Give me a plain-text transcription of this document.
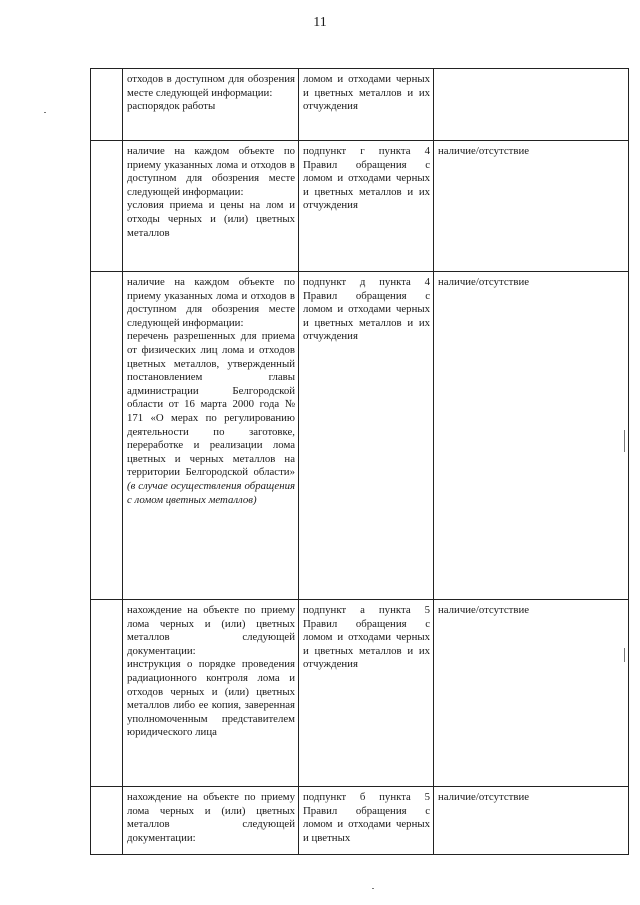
11
	отходов в доступном для обозрения месте следующей информации:
распорядок работы	ломом и отходами черных и цветных металлов и их отчуждения	
	наличие на каждом объекте по приему указанных лома и отходов в доступном для обозрения месте следующей информации:
условия приема и цены на лом и отходы черных и (или) цветных металлов	подпункт г пункта 4 Правил обращения с ломом и отходами черных и цветных металлов и их отчуждения	наличие/отсутствие
	наличие на каждом объекте по приему указанных лома и отходов в доступном для обозрения месте следующей информации:
перечень разрешенных для приема от физических лиц лома и отходов цветных металлов, утвержденный постановлением главы администрации Белгородской области от 16 марта 2000 года № 171 «О мерах по регулированию деятельности по заготовке, переработке и реализации лома цветных и черных металлов на территории Белгородской области» (в случае осуществления обращения с ломом цветных металлов)	подпункт д пункта 4 Правил обращения с ломом и отходами черных и цветных металлов и их отчуждения	наличие/отсутствие
	нахождение на объекте по приему лома черных и (или) цветных металлов следующей документации:
инструкция о порядке проведения радиационного контроля лома и отходов черных и (или) цветных металлов либо ее копия, заверенная уполномоченным представителем юридического лица	подпункт а пункта 5 Правил обращения с ломом и отходами черных и цветных металлов и их отчуждения	наличие/отсутствие
	нахождение на объекте по приему лома черных и (или) цветных металлов следующей документации:	подпункт б пункта 5 Правил обращения с ломом и отходами черных и цветных	наличие/отсутствие
